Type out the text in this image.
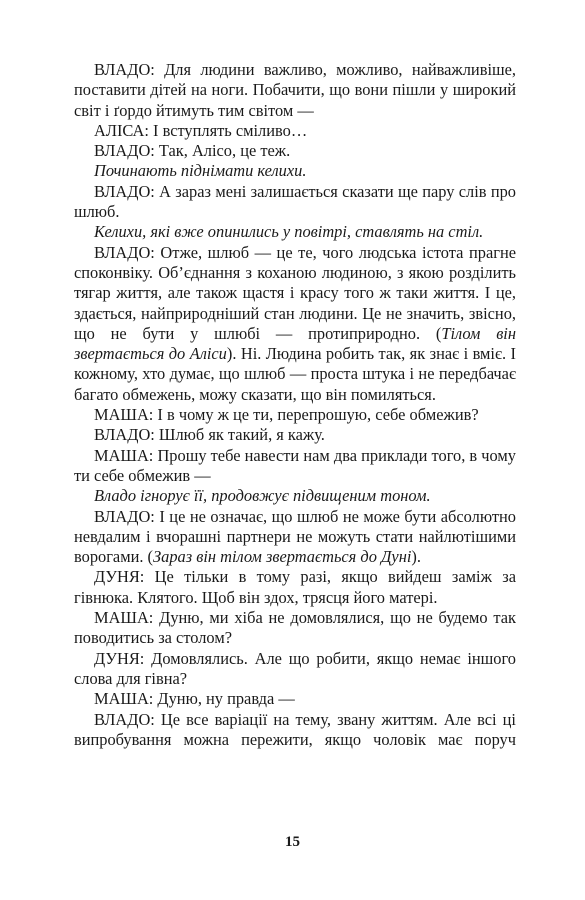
ВЛАДО: Для людини важливо, можливо, найважливіше, поставити дітей на ноги. Побачити, що вони пішли у широкий світ і ґордо йтимуть тим світом —

АЛІСА: І вступлять сміливо…

ВЛАДО: Так, Алісо, це теж.

Починають піднімати келихи.

ВЛАДО: А зараз мені залишається сказати ще пару слів про шлюб.

Келихи, які вже опинились у повітрі, ставлять на стіл.

ВЛАДО: Отже, шлюб — це те, чого людська істота прагне споконвіку. Об’єднання з коханою людиною, з якою розділить тягар життя, але також щастя і красу того ж таки життя. І це, здається, найприродніший стан людини. Це не значить, звісно, що не бути у шлюбі — протиприродно. (Тілом він звертається до Аліси). Ні. Людина робить так, як знає і вміє. І кожному, хто думає, що шлюб — проста штука і не передбачає багато обмежень, можу сказати, що він помиляться.

МАША: І в чому ж це ти, перепрошую, себе обмежив?

ВЛАДО: Шлюб як такий, я кажу.

МАША: Прошу тебе навести нам два приклади того, в чому ти себе обмежив —

Владо ігнорує її, продовжує підвищеним тоном.

ВЛАДО: І це не означає, що шлюб не може бути абсолютно невдалим і вчорашні партнери не можуть стати найлютішими ворогами. (Зараз він тілом звертається до Дуні).

ДУНЯ: Це тільки в тому разі, якщо вийдеш заміж за гівнюка. Клятого. Щоб він здох, трясця його матері.

МАША: Дуню, ми хіба не домовлялися, що не будемо так поводитись за столом?

ДУНЯ: Домовлялись. Але що робити, якщо немає іншого слова для гівна?

МАША: Дуню, ну правда —

ВЛАДО: Це все варіації на тему, звану життям. Але всі ці випробування можна пережити, якщо чоловік має поруч

15
